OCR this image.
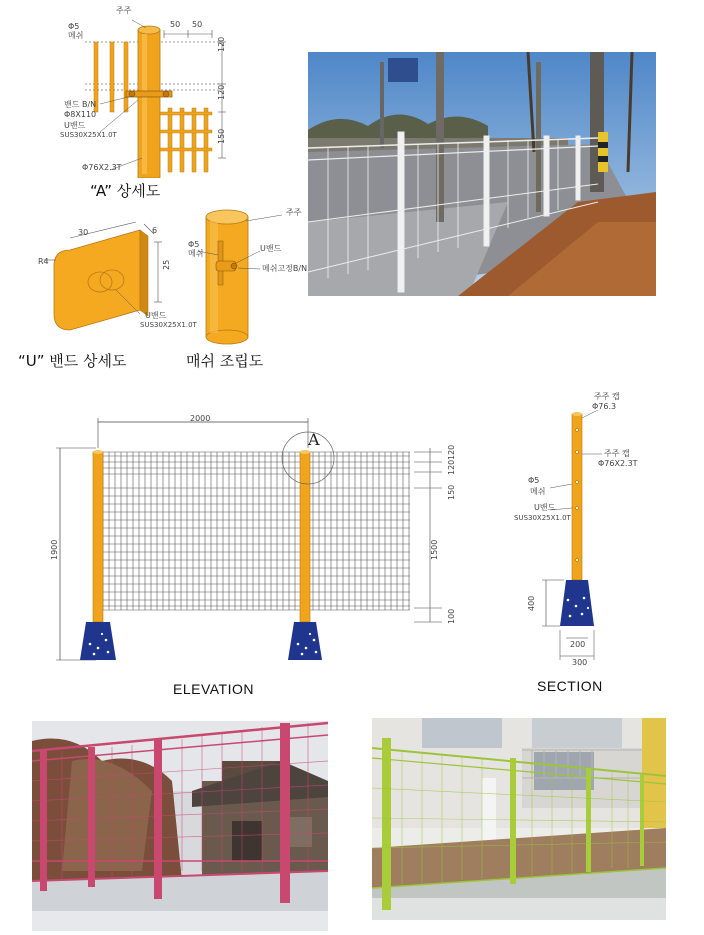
주주
Φ5
메쉬
50 50
120
120
150
밴드 B/N
Φ8X110
U밴드
SUS30X25X1.0T
Φ76X2.3T
“A” 상세도
30	6
R4	25
U밴드
SUS30X25X1.0T
“U” 밴드 상세도
주주
Φ5
메쉬
U밴드
메쉬고정B/N
매쉬 조립도
2000
1900
150
120
120
1500
100
A
ELEVATION
주주 캡
Φ76.3
주주 캡
Φ76X2.3T
Φ5
메쉬
U밴드
SUS30X25X1.0T
400
200
300
SECTION
